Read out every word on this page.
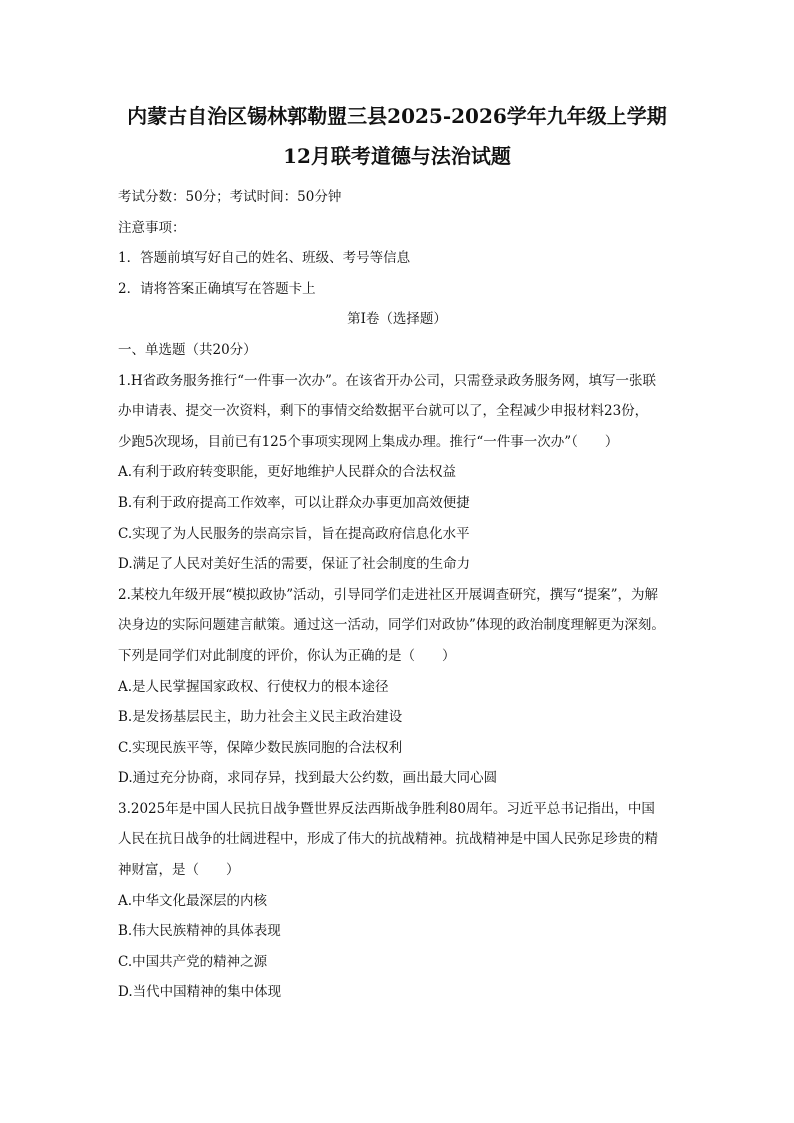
内蒙古自治区锡林郭勒盟三县2025-2026学年九年级上学期
12月联考道德与法治试题

考试分数：50分；考试时间：50分钟

注意事项：

1．答题前填写好自己的姓名、班级、考号等信息

2．请将答案正确填写在答题卡上

第I卷（选择题）

一、单选题（共20分）

1.H省政务服务推行“一件事一次办”。在该省开办公司，只需登录政务服务网，填写一张联

办申请表、提交一次资料，剩下的事情交给数据平台就可以了，全程减少申报材料23份，

少跑5次现场，目前已有125个事项实现网上集成办理。推行“一件事一次办”（　　）

A.有利于政府转变职能，更好地维护人民群众的合法权益

B.有利于政府提高工作效率，可以让群众办事更加高效便捷

C.实现了为人民服务的崇高宗旨，旨在提高政府信息化水平

D.满足了人民对美好生活的需要，保证了社会制度的生命力

2.某校九年级开展“模拟政协”活动，引导同学们走进社区开展调查研究，撰写“提案”，为解

决身边的实际问题建言献策。通过这一活动，同学们对政协”体现的政治制度理解更为深刻。

下列是同学们对此制度的评价，你认为正确的是（　　）

A.是人民掌握国家政权、行使权力的根本途径

B.是发扬基层民主，助力社会主义民主政治建设

C.实现民族平等，保障少数民族同胞的合法权利

D.通过充分协商，求同存异，找到最大公约数，画出最大同心圆

3.2025年是中国人民抗日战争暨世界反法西斯战争胜利80周年。习近平总书记指出，中国

人民在抗日战争的壮阔进程中，形成了伟大的抗战精神。抗战精神是中国人民弥足珍贵的精

神财富，是（　　）

A.中华文化最深层的内核

B.伟大民族精神的具体表现

C.中国共产党的精神之源

D.当代中国精神的集中体现
